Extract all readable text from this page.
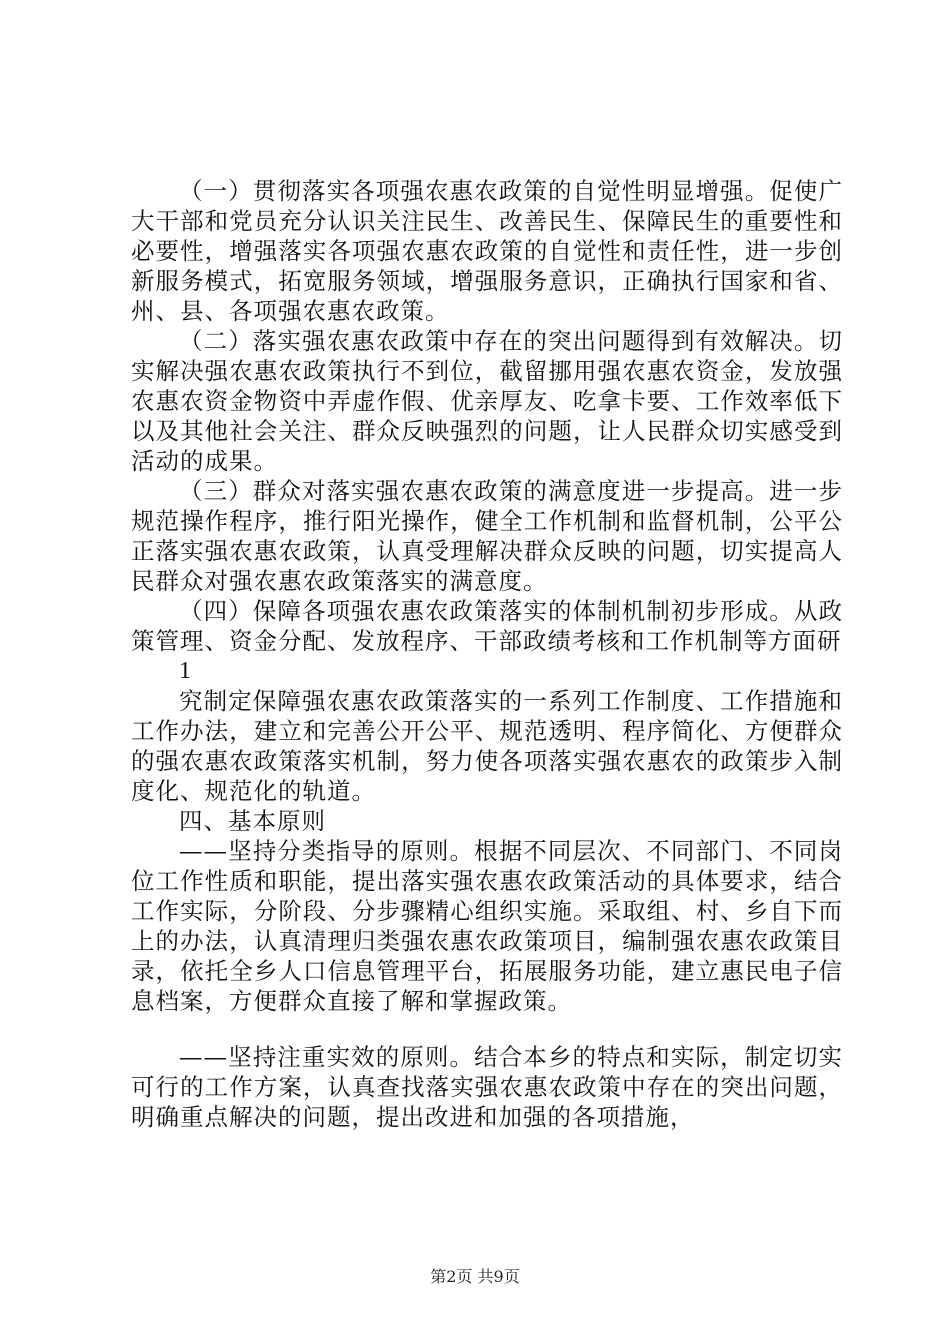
（一）贯彻落实各项强农惠农政策的自觉性明显增强。促使广大干部和党员充分认识关注民生、改善民生、保障民生的重要性和必要性，增强落实各项强农惠农政策的自觉性和责任性，进一步创新服务模式，拓宽服务领域，增强服务意识，正确执行国家和省、州、县、各项强农惠农政策。

（二）落实强农惠农政策中存在的突出问题得到有效解决。切实解决强农惠农政策执行不到位，截留挪用强农惠农资金，发放强农惠农资金物资中弄虚作假、优亲厚友、吃拿卡要、工作效率低下以及其他社会关注、群众反映强烈的问题，让人民群众切实感受到活动的成果。

（三）群众对落实强农惠农政策的满意度进一步提高。进一步规范操作程序，推行阳光操作，健全工作机制和监督机制，公平公正落实强农惠农政策，认真受理解决群众反映的问题，切实提高人民群众对强农惠农政策落实的满意度。

（四）保障各项强农惠农政策落实的体制机制初步形成。从政策管理、资金分配、发放程序、干部政绩考核和工作机制等方面研

1

究制定保障强农惠农政策落实的一系列工作制度、工作措施和工作办法，建立和完善公开公平、规范透明、程序简化、方便群众的强农惠农政策落实机制，努力使各项落实强农惠农的政策步入制度化、规范化的轨道。

四、基本原则

——坚持分类指导的原则。根据不同层次、不同部门、不同岗位工作性质和职能，提出落实强农惠农政策活动的具体要求，结合工作实际，分阶段、分步骤精心组织实施。采取组、村、乡自下而上的办法，认真清理归类强农惠农政策项目，编制强农惠农政策目录，依托全乡人口信息管理平台，拓展服务功能，建立惠民电子信息档案，方便群众直接了解和掌握政策。

——坚持注重实效的原则。结合本乡的特点和实际，制定切实可行的工作方案，认真查找落实强农惠农政策中存在的突出问题，明确重点解决的问题，提出改进和加强的各项措施，

第2页 共9页
